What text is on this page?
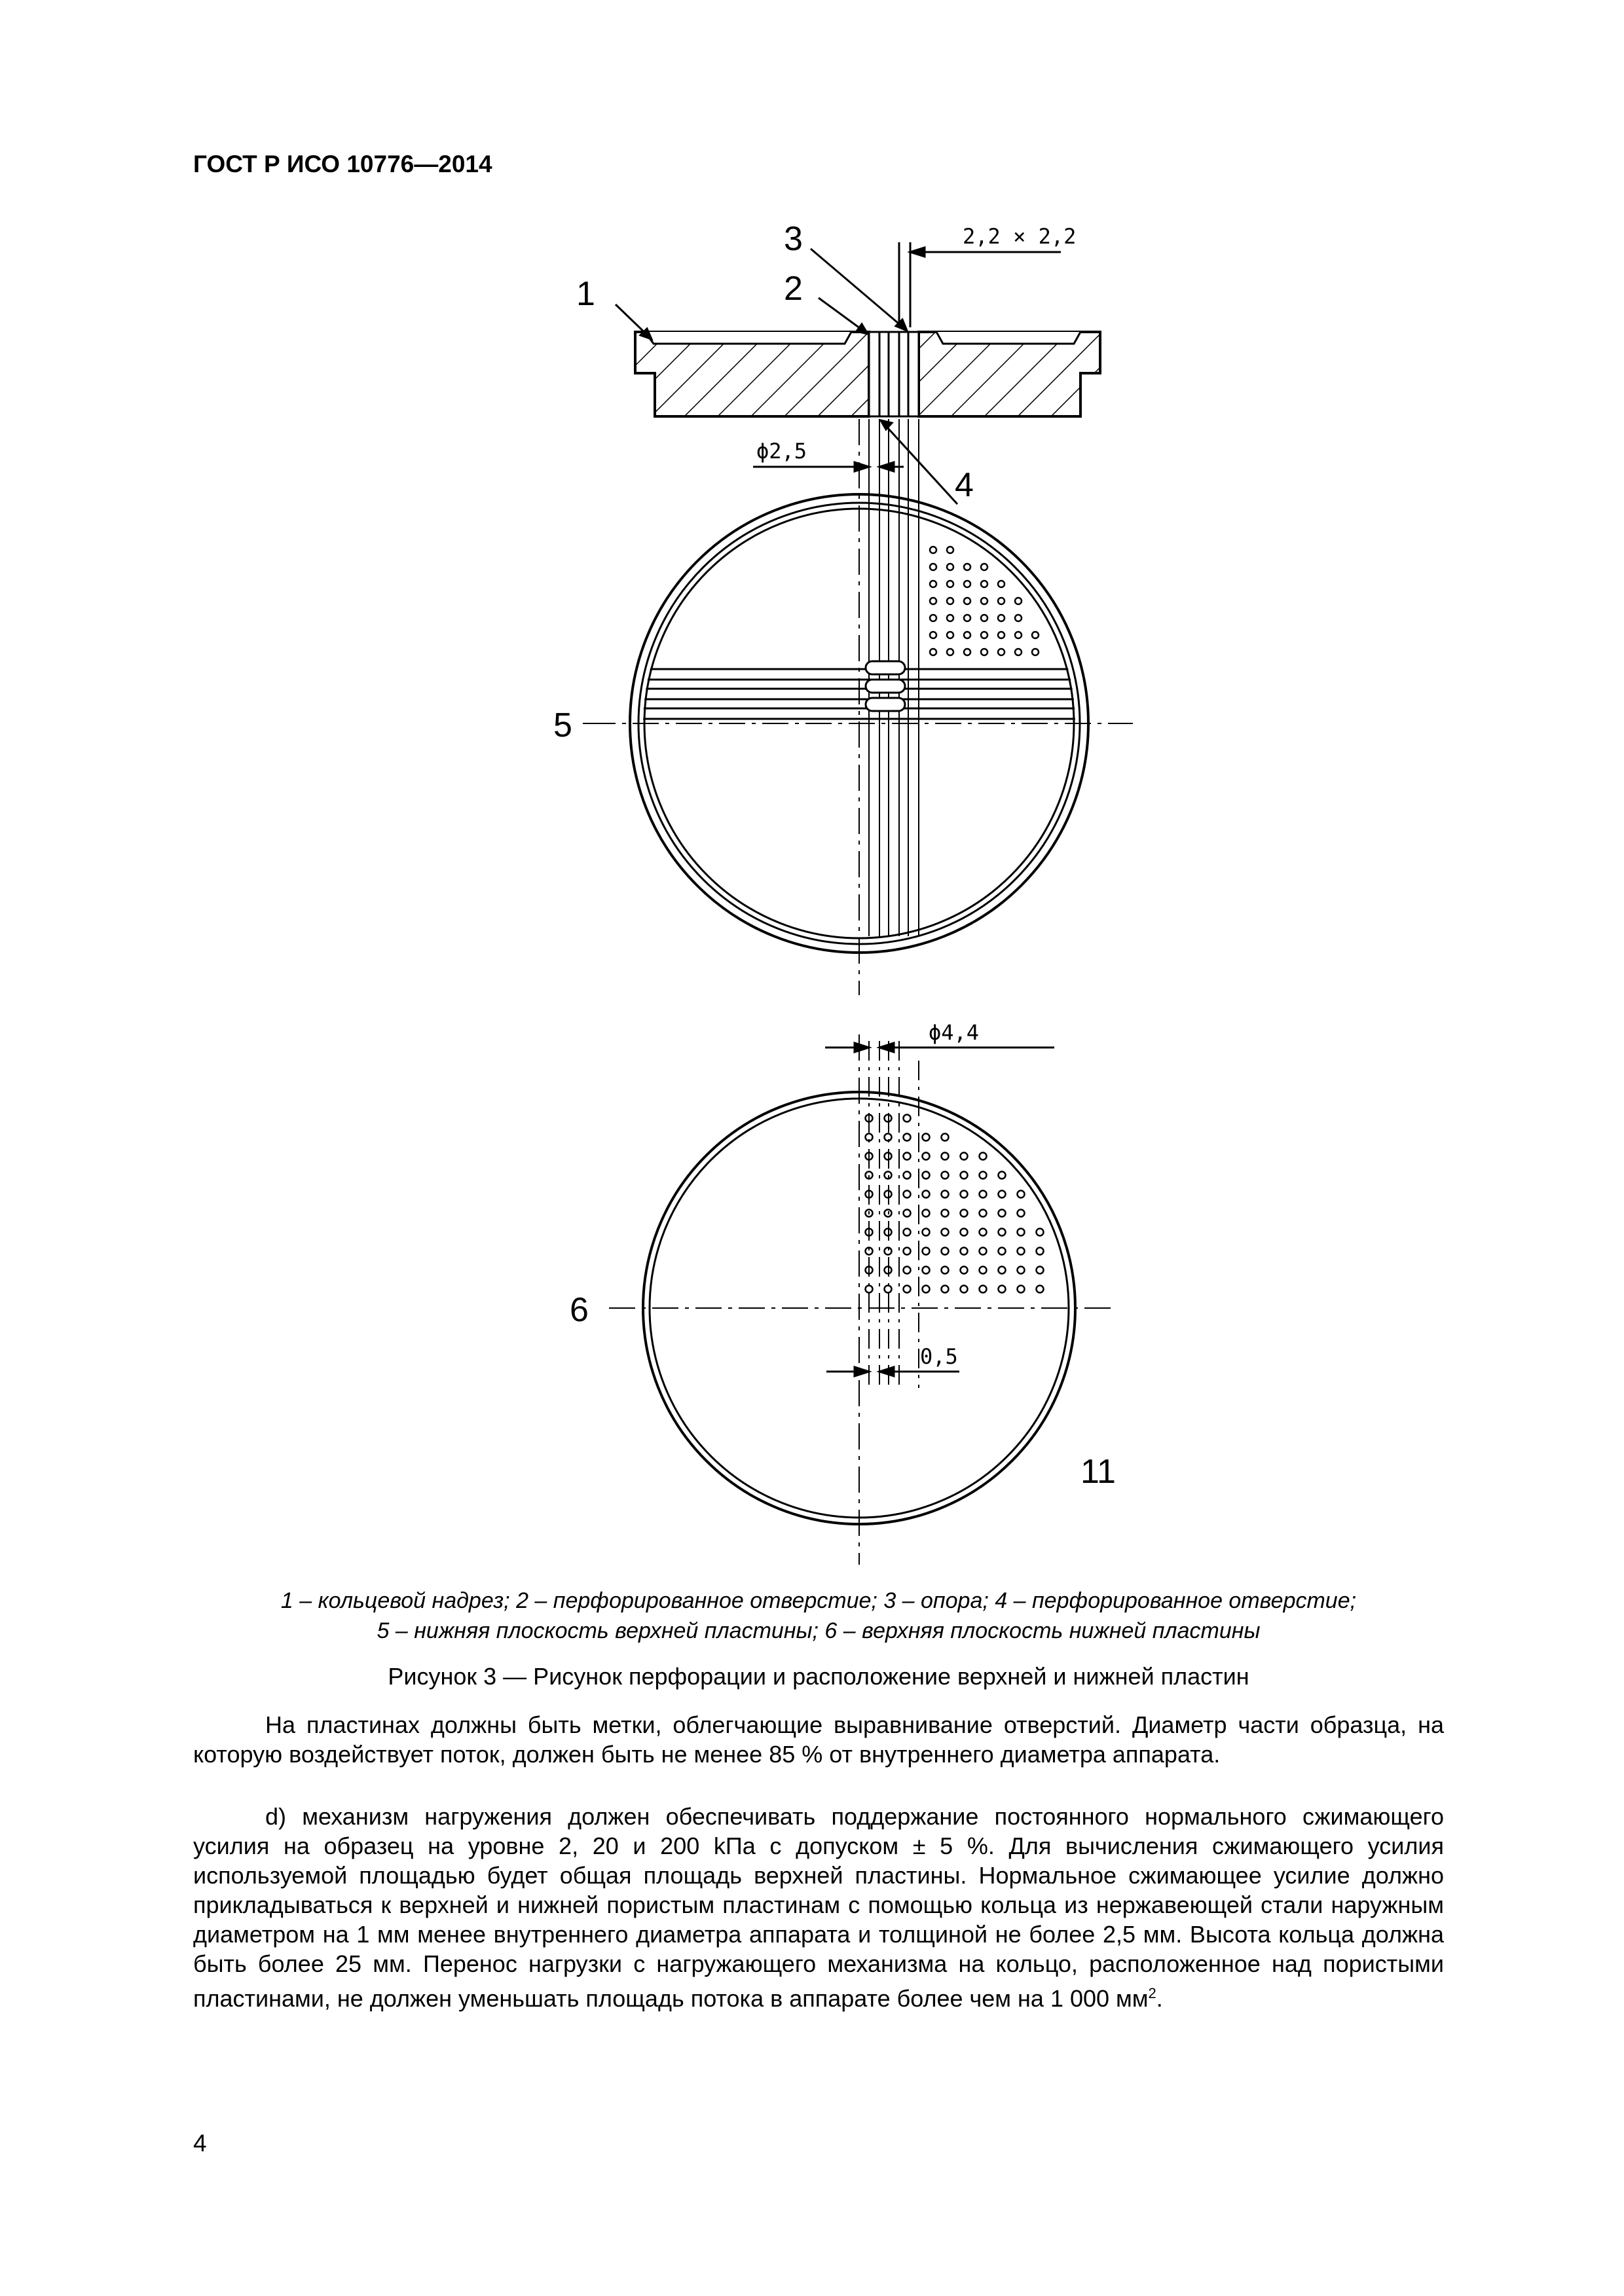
ГОСТ Р ИСО 10776—2014
1	2
3
4
2,2 × 2,2
ϕ2,5
5
6
11
ϕ4,4
0,5
1 – кольцевой надрез; 2 – перфорированное отверстие; 3 – опора; 4 – перфорированное отверстие;
5 – нижняя плоскость верхней пластины; 6 – верхняя плоскость нижней пластины
Рисунок 3 — Рисунок перфорации и расположение верхней и нижней пластин
На пластинах должны быть метки, облегчающие выравнивание отверстий. Диаметр части образца, на которую воздействует поток, должен быть не менее 85 % от внутреннего диаметра аппарата.
d) механизм нагружения должен обеспечивать поддержание постоянного нормального сжимающего усилия на образец на уровне 2, 20 и 200 kПа с допуском ± 5 %. Для вычисления сжимающего усилия используемой площадью будет общая площадь верхней пластины. Нормальное сжимающее усилие должно прикладываться к верхней и нижней пористым пластинам с помощью кольца из нержавеющей стали наружным диаметром на 1 мм менее внутреннего диаметра аппарата и толщиной не более 2,5 мм. Высота кольца должна быть более 25 мм. Перенос нагрузки с нагружающего механизма на кольцо, расположенное над пористыми пластинами, не должен уменьшать площадь потока в аппарате более чем на 1 000 $мм^2$.
4
